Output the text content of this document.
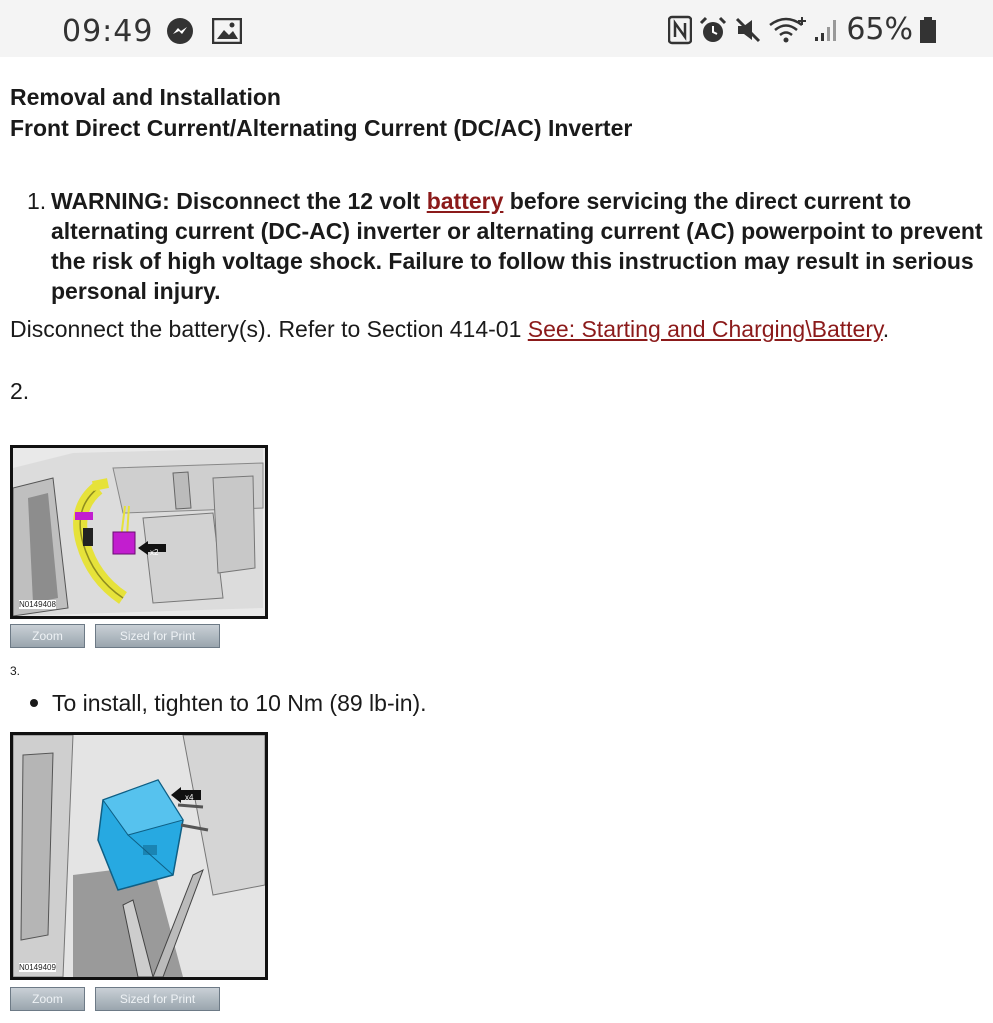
09:49	65%
Removal and Installation
Front Direct Current/Alternating Current (DC/AC) Inverter
1. WARNING: Disconnect the 12 volt battery before servicing the direct current to alternating current (DC-AC) inverter or alternating current (AC) powerpoint to prevent the risk of high voltage shock. Failure to follow this instruction may result in serious personal injury.
Disconnect the battery(s). Refer to Section 414-01 See: Starting and Charging\Battery.
2.
N0149408
x2
Zoom	Sized for Print
3.
To install, tighten to 10 Nm (89 lb-in).
N0149409
x4
Zoom	Sized for Print
